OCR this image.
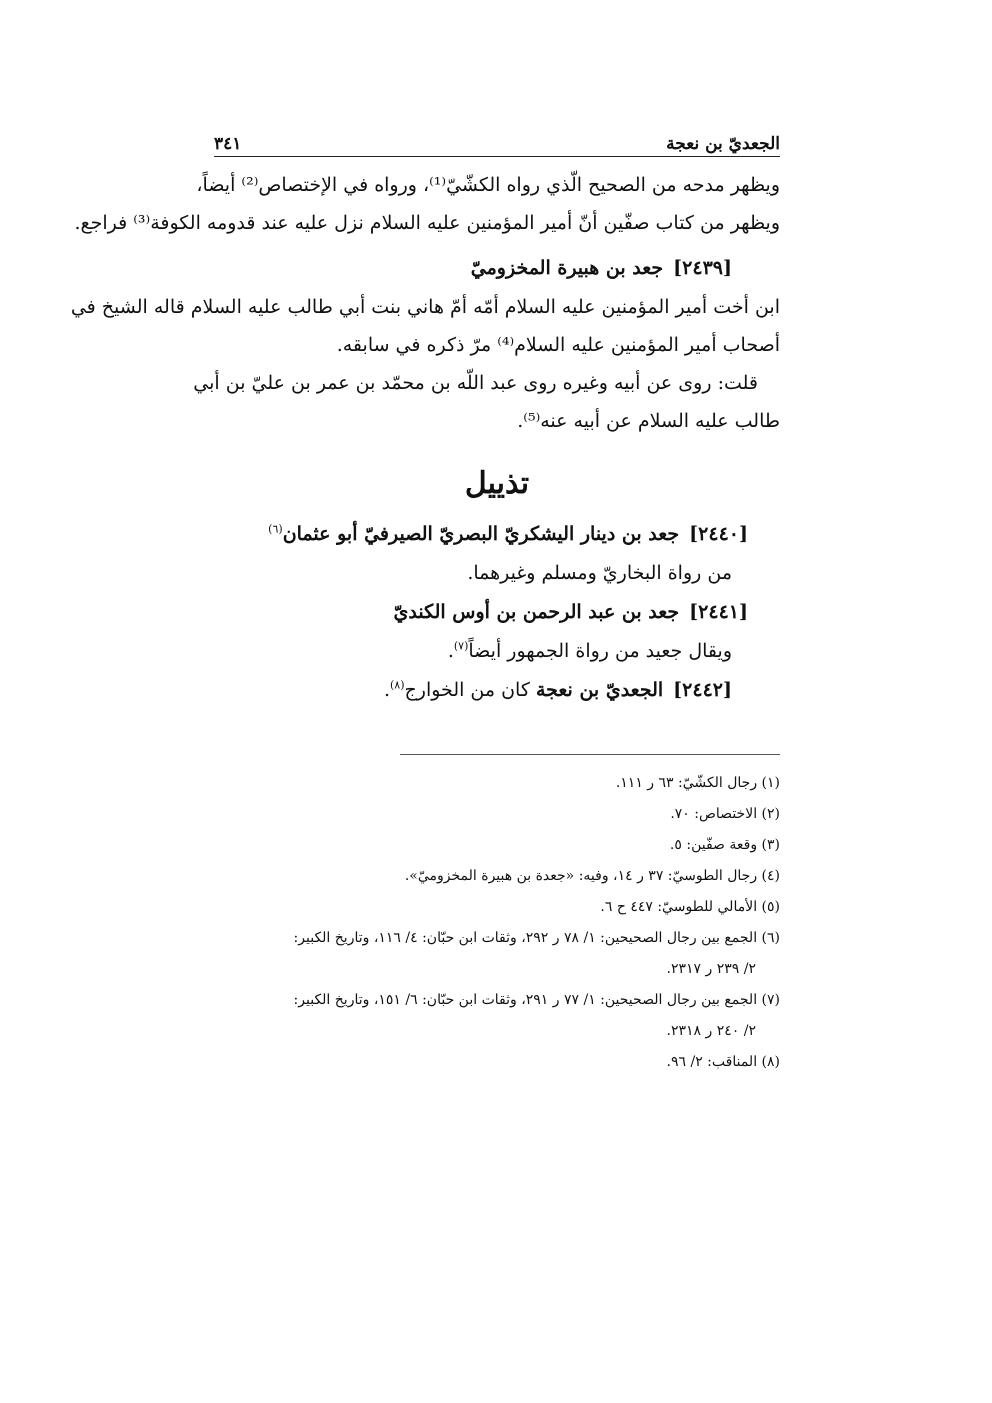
الجعديّ بن نعجة
٣٤١
ويظهر مدحه من الصحيح الّذي رواه الكشّيّ⁽¹⁾، ورواه في الإختصاص⁽²⁾ أيضاً،
ويظهر من كتاب صفّين أنّ أمير المؤمنين عليه السلام نزل عليه عند قدومه الكوفة⁽³⁾ فراجع.
[٢٤٣٩]جعد بن هبيرة المخزوميّ
ابن أخت أمير المؤمنين عليه السلام أمّه أمّ هاني بنت أبي طالب عليه السلام قاله الشيخ في
أصحاب أمير المؤمنين عليه السلام⁽⁴⁾ مرّ ذكره في سابقه.
قلت: روى عن أبيه وغيره روى عبد اللّه بن محمّد بن عمر بن عليّ بن أبي
طالب عليه السلام عن أبيه عنه⁽⁵⁾.
تذييل
[٢٤٤٠]جعد بن دينار اليشكريّ البصريّ الصيرفيّ أبو عثمان$^{(٦)}$
من رواة البخاريّ ومسلم وغيرهما.
[٢٤٤١]جعد بن عبد الرحمن بن أوس الكنديّ
ويقال جعيد من رواة الجمهور أيضاً$^{(٧)}$.
[٢٤٤٢]الجعديّ بن نعجة كان من الخوارج$^{(٨)}$.
(١) رجال الكشّيّ: ٦٣ ر ١١١.
(٢) الاختصاص: ٧٠.
(٣) وقعة صفّين: ٥.
(٤) رجال الطوسيّ: ٣٧ ر ١٤، وفيه: «جعدة بن هبيرة المخزوميّ».
(٥) الأمالي للطوسيّ: ٤٤٧ ح ٦.
(٦) الجمع بين رجال الصحيحين: ١/ ٧٨ ر ٢٩٢، وثقات ابن حبّان: ٤/ ١١٦، وتاريخ الكبير:
٢/ ٢٣٩ ر ٢٣١٧.
(٧) الجمع بين رجال الصحيحين: ١/ ٧٧ ر ٢٩١، وثقات ابن حبّان: ٦/ ١٥١، وتاريخ الكبير:
٢/ ٢٤٠ ر ٢٣١٨.
(٨) المناقب: ٢/ ٩٦.
